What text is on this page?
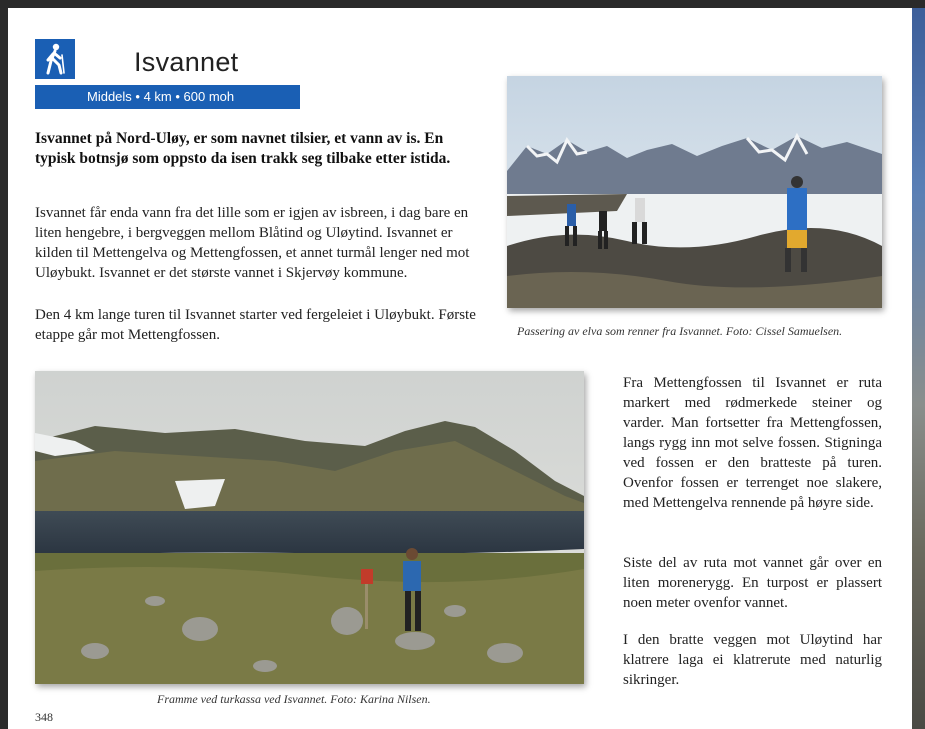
Isvannet
Middels • 4 km • 600 moh

Isvannet på Nord-Uløy, er som navnet tilsier, et vann av is. En typisk botnsjø som oppsto da isen trakk seg tilbake etter istida.

Isvannet får enda vann fra det lille som er igjen av isbreen, i dag bare en liten hengebre, i bergveggen mellom Blåtind og Uløytind. Isvannet er kilden til Mettengelva og Mettengfossen, et annet turmål lenger ned mot Uløybukt. Isvannet er det største vannet i Skjervøy kommune.

Den 4 km lange turen til Isvannet starter ved fergeleiet i Uløybukt. Første etappe går mot Mettengfossen.	Passering av elva som renner fra Isvannet. Foto: Cissel Samuelsen.
Framme ved turkassa ved Isvannet. Foto: Karina Nilsen.

Fra Mettengfossen til Isvannet er ruta markert med rødmerkede steiner og varder. Man fortsetter fra Mettengfossen, langs rygg inn mot selve fossen. Stigninga ved fossen er den bratteste på turen. Ovenfor fossen er terrenget noe slakere, med Mettengelva rennende på høyre side.

Siste del av ruta mot vannet går over en liten morenerygg. En turpost er plassert noen meter ovenfor vannet.

I den bratte veggen mot Uløytind har klatrere laga ei klatrerute med naturlig sikringer.

348
